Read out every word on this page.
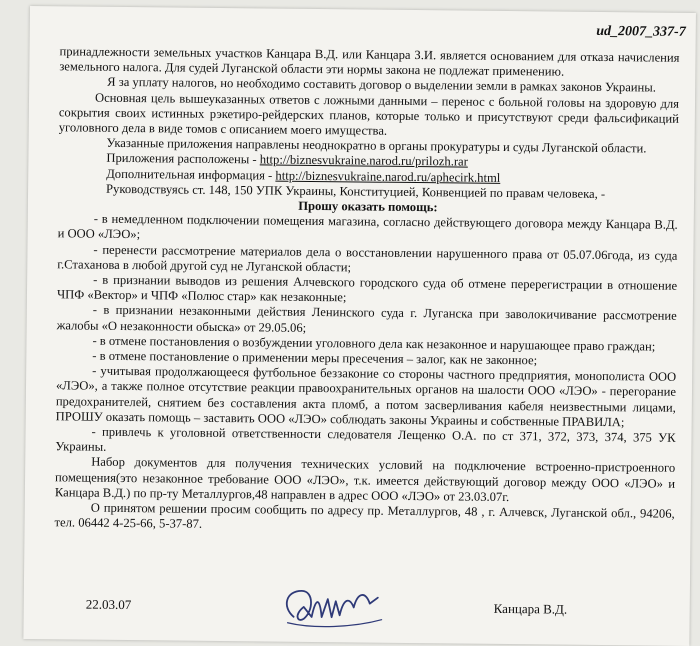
ud_2007_337-7

принадлежности земельных участков Канцара В.Д. или Канцара З.И. является основанием для отказа начисления земельного налога. Для судей Луганской области эти нормы закона не подлежат применению.

Я за уплату налогов, но необходимо составить договор о выделении земли в рамках законов Украины.

Основная цель вышеуказанных ответов с ложными данными – перенос с больной головы на здоровую для сокрытия своих истинных рэкетиро-рейдерских планов, которые только и присутствуют среди фальсификаций уголовного дела в виде томов с описанием моего имущества.

Указанные приложения направлены неоднократно в органы прокуратуры и суды Луганской области.

Приложения расположены - http://biznesvukraine.narod.ru/prilozh.rar

Дополнительная информация - http://biznesvukraine.narod.ru/aphecirk.html

Руководствуясь ст. 148, 150 УПК Украины, Конституцией, Конвенцией по правам человека, -

Прошу оказать помощь:

- в немедленном подключении помещения магазина, согласно действующего договора между Канцара В.Д. и ООО «ЛЭО»;

- перенести рассмотрение материалов дела о восстановлении нарушенного права от 05.07.06года, из суда г.Стаханова в любой другой суд не Луганской области;

- в признании выводов из решения Алчевского городского суда об отмене перерегистрации в отношение ЧПФ «Вектор» и ЧПФ «Полюс стар» как незаконные;

- в признании незаконными действия Ленинского суда г. Луганска при заволокичивание рассмотрение жалобы «О незаконности обыска» от 29.05.06;

- в отмене постановления о возбуждении уголовного дела как незаконное и нарушающее право граждан;

- в отмене постановление о применении меры пресечения – залог, как не законное;

- учитывая продолжающееся футбольное беззаконие со стороны частного предприятия, монополиста ООО «ЛЭО», а также полное отсутствие реакции правоохранительных органов на шалости ООО «ЛЭО» - перегорание предохранителей, снятием без составления акта пломб, а потом засверливания кабеля неизвестными лицами, ПРОШУ оказать помощь – заставить ООО «ЛЭО» соблюдать законы Украины и собственные ПРАВИЛА;

- привлечь к уголовной ответственности следователя Лещенко О.А. по ст 371, 372, 373, 374, 375 УК Украины.

Набор документов для получения технических условий на подключение встроенно-пристроенного помещения(это незаконное требование ООО «ЛЭО», т.к. имеется действующий договор между ООО «ЛЭО» и Канцара В.Д.) по пр-ту Металлургов,48 направлен в адрес ООО «ЛЭО» от 23.03.07г.

О принятом решении просим сообщить по адресу пр. Металлургов, 48 , г. Алчевск, Луганской обл., 94206, тел. 06442 4-25-66, 5-37-87.

22.03.07	Канцара В.Д.
